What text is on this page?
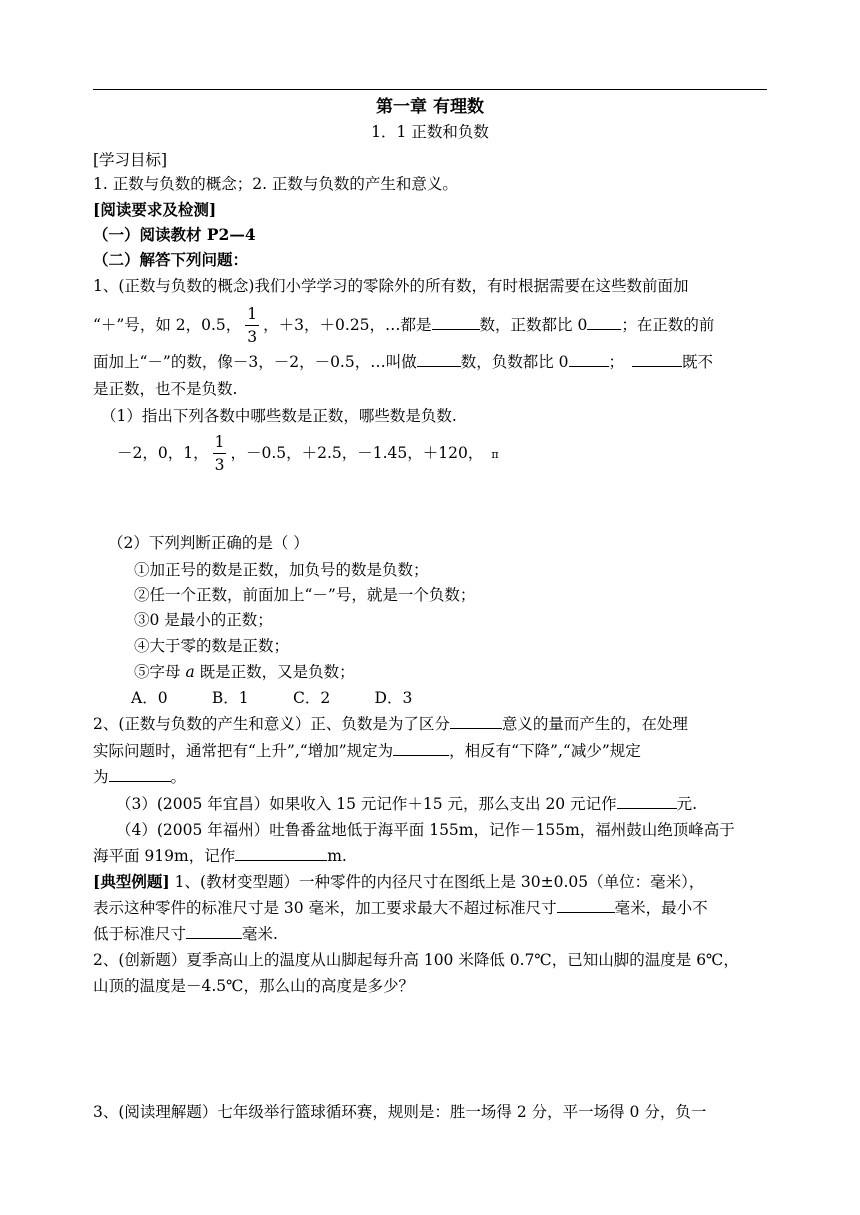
第一章 有理数
1．1 正数和负数
[学习目标]
1. 正数与负数的概念；2. 正数与负数的产生和意义。
[阅读要求及检测]
（一）阅读教材 P2—4
（二）解答下列问题：
1、(正数与负数的概念)我们小学学习的零除外的所有数，有时根据需要在这些数前面加
“＋”号，如 2，0.5， $\frac{1}{3}$ ，＋3，＋0.25，…都是	数，正数都比 0 ；在正数的前
面加上“－”的数，像－3，－2，－0.5，…叫做	数，负数都比 0	；	既不
是正数，也不是负数.
（1）指出下列各数中哪些数是正数，哪些数是负数.
－2，0，1， $\frac{1}{3}$ ，－0.5，＋2.5，－1.45，＋120， π
（2）下列判断正确的是（ ）
①加正号的数是正数，加负号的数是负数；
②任一个正数，前面加上“－”号，就是一个负数；
③0 是最小的正数；
④大于零的数是正数；
⑤字母 a 既是正数，又是负数；
A．0         B．1         C．2         D．3
2、(正数与负数的产生和意义）正、负数是为了区分	意义的量而产生的，在处理
实际问题时，通常把有“上升”,“增加”规定为	，相反有“下降”,“减少”规定
为	。
（3）(2005 年宜昌）如果收入 15 元记作＋15 元，那么支出 20 元记作	元.
（4）(2005 年福州）吐鲁番盆地低于海平面 155m，记作－155m，福州鼓山绝顶峰高于
海平面 919m，记作	m.
[典型例题] 1、(教材变型题）一种零件的内径尺寸在图纸上是 30±0.05（单位：毫米），
表示这种零件的标准尺寸是 30 毫米，加工要求最大不超过标准尺寸	毫米，最小不
低于标准尺寸	毫米.
2、(创新题）夏季高山上的温度从山脚起每升高 100 米降低 0.7℃，已知山脚的温度是 6℃，
山顶的温度是－4.5℃，那么山的高度是多少？
3、(阅读理解题）七年级举行篮球循环赛，规则是：胜一场得 2 分，平一场得 0 分，负一
